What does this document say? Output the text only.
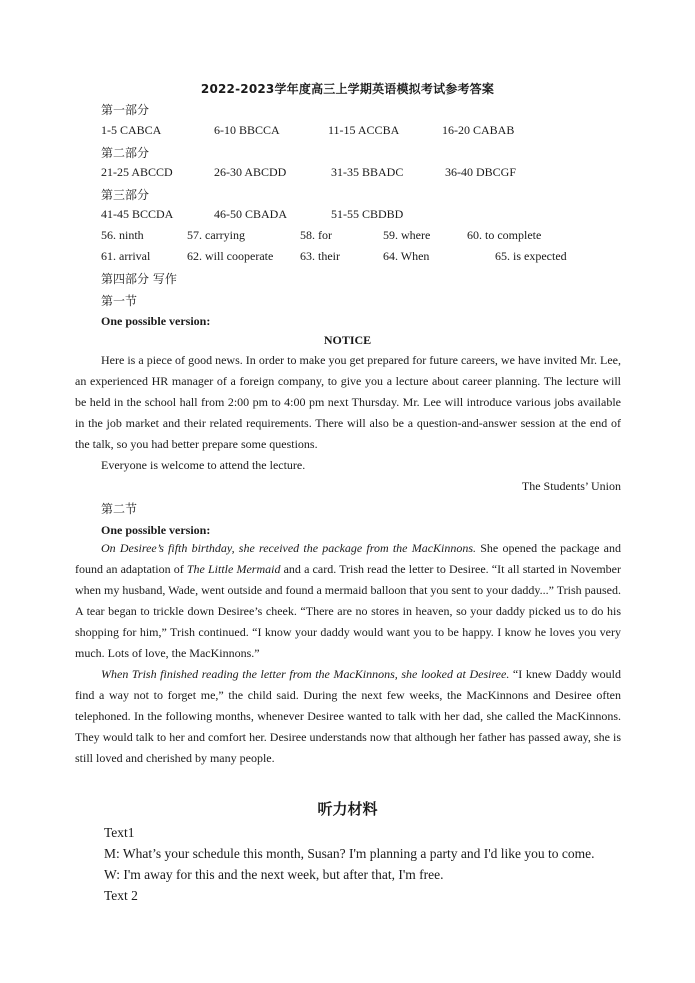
2022-2023学年度高三上学期英语模拟考试参考答案
第一部分
1-5 CABCA	6-10 BBCCA	11-15 ACCBA	16-20 CABAB
第二部分
21-25 ABCCD	26-30 ABCDD	31-35 BBADC	36-40 DBCGF
第三部分
41-45 BCCDA	46-50 CBADA	51-55 CBDBD
56. ninth	57. carrying	58. for	59. where	60. to complete
61. arrival	62. will cooperate 63. their	64. When	65. is expected
第四部分 写作
第一节
One possible version:
NOTICE

Here is a piece of good news. In order to make you get prepared for future careers, we have invited Mr. Lee, an experienced HR manager of a foreign company, to give you a lecture about career planning. The lecture will be held in the school hall from 2:00 pm to 4:00 pm next Thursday. Mr. Lee will introduce various jobs available in the job market and their related requirements. There will also be a question-and-answer session at the end of the talk, so you had better prepare some questions.

Everyone is welcome to attend the lecture.

The Students’ Union
第二节
One possible version:

On Desiree’s fifth birthday, she received the package from the MacKinnons. She opened the package and found an adaptation of The Little Mermaid and a card. Trish read the letter to Desiree. “It all started in November when my husband, Wade, went outside and found a mermaid balloon that you sent to your daddy...” Trish paused. A tear began to trickle down Desiree’s cheek. “There are no stores in heaven, so your daddy picked us to do his shopping for him,” Trish continued. “I know your daddy would want you to be happy. I know he loves you very much. Lots of love, the MacKinnons.”

When Trish finished reading the letter from the MacKinnons, she looked at Desiree. “I knew Daddy would find a way not to forget me,” the child said. During the next few weeks, the MacKinnons and Desiree often telephoned. In the following months, whenever Desiree wanted to talk with her dad, she called the MacKinnons. They would talk to her and comfort her. Desiree understands now that although her father has passed away, she is still loved and cherished by many people.

听力材料
Text1
M: What’s your schedule this month, Susan? I'm planning a party and I'd like you to come.
W: I'm away for this and the next week, but after that, I'm free.
Text 2
